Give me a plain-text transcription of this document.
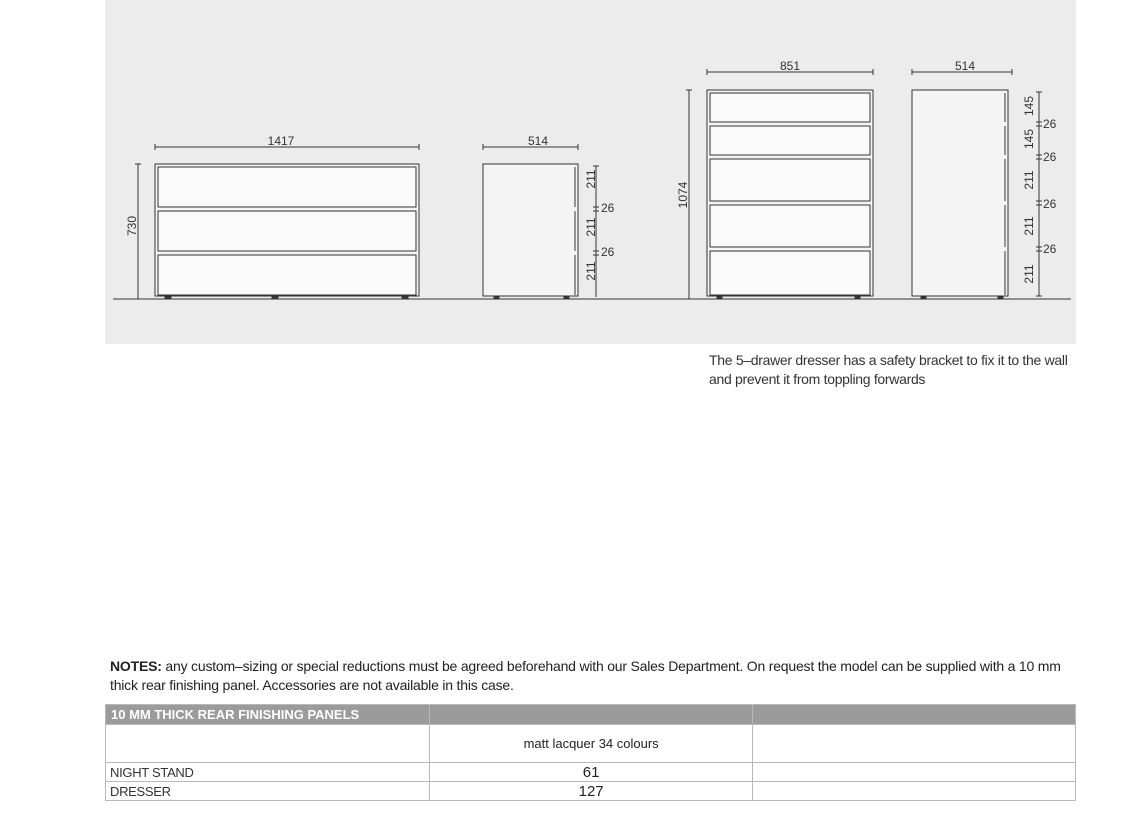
1417
730
514
211
211
211
26
26
851
1074
514
145
145
211
211
211
26
26
26
26
The 5–drawer dresser has a safety bracket to fix it to the wall
and prevent it from toppling forwards
NOTES: any custom–sizing or special reductions must be agreed beforehand with our Sales Department. On request the model can be supplied with a 10 mm thick rear finishing panel. Accessories are not available in this case.
10 MM THICK REAR FINISHING PANELS		
	matt lacquer 34 colours	
NIGHT STAND	61	
DRESSER	127	
